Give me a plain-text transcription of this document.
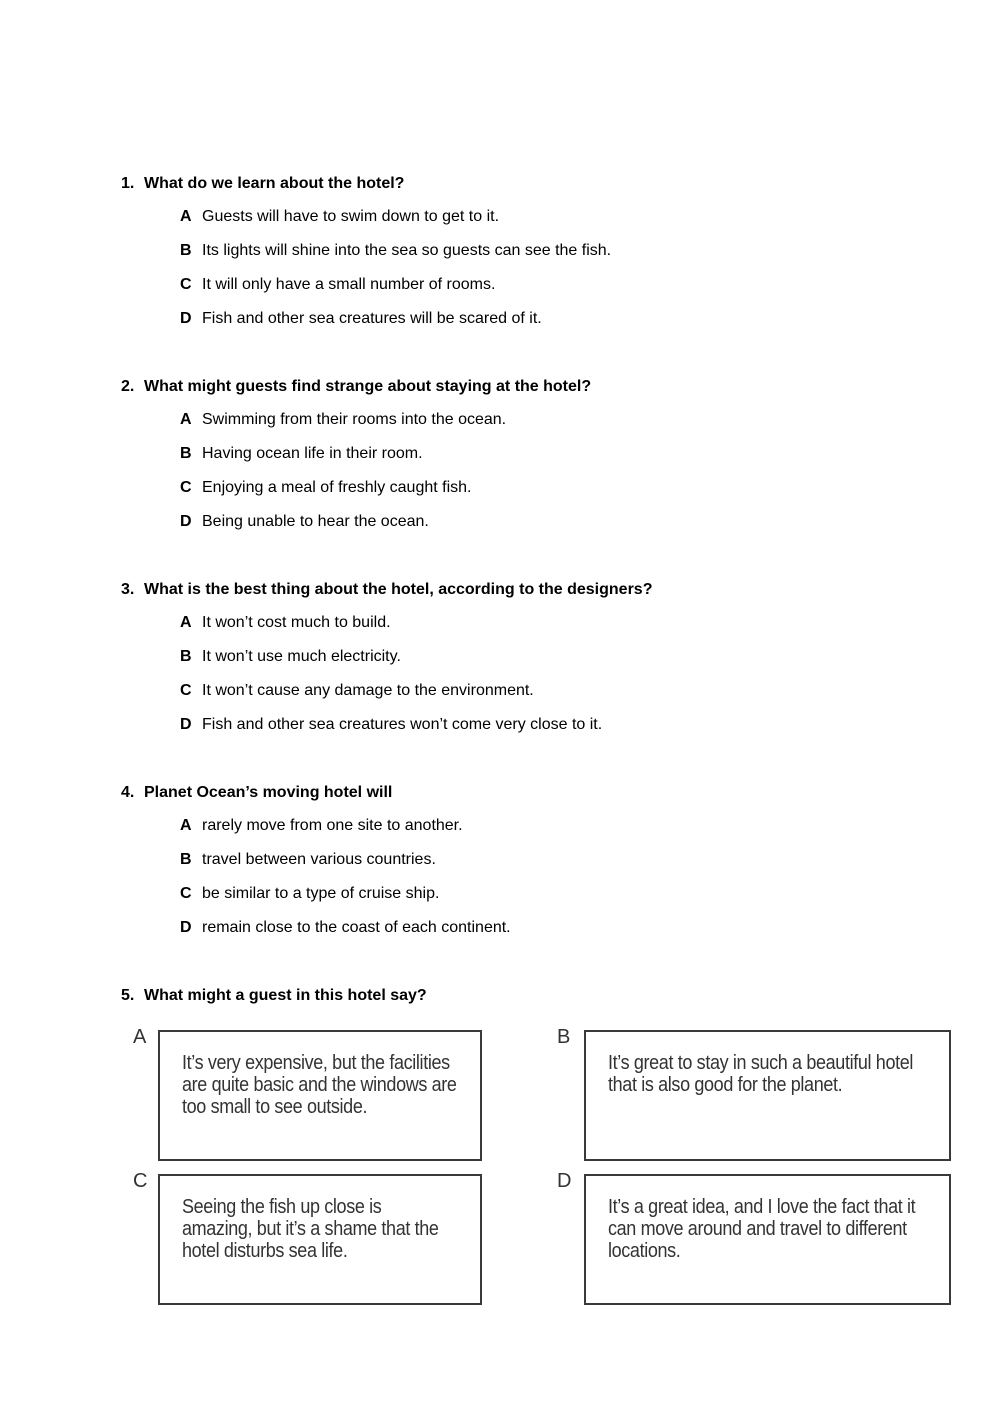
1. What do we learn about the hotel?
A Guests will have to swim down to get to it.
B Its lights will shine into the sea so guests can see the fish.
C It will only have a small number of rooms.
D Fish and other sea creatures will be scared of it.
2. What might guests find strange about staying at the hotel?
A Swimming from their rooms into the ocean.
B Having ocean life in their room.
C Enjoying a meal of freshly caught fish.
D Being unable to hear the ocean.
3. What is the best thing about the hotel, according to the designers?
A It won’t cost much to build.
B It won’t use much electricity.
C It won’t cause any damage to the environment.
D Fish and other sea creatures won’t come very close to it.
4. Planet Ocean’s moving hotel will
A rarely move from one site to another.
B travel between various countries.
C be similar to a type of cruise ship.
D remain close to the coast of each continent.
5. What might a guest in this hotel say?
A
It’s very expensive, but the facilities are quite basic and the windows are too small to see outside.
B
It’s great to stay in such a beautiful hotel that is also good for the planet.
C
Seeing the fish up close is amazing, but it’s a shame that the hotel disturbs sea life.
D
It’s a great idea, and I love the fact that it can move around and travel to different locations.
